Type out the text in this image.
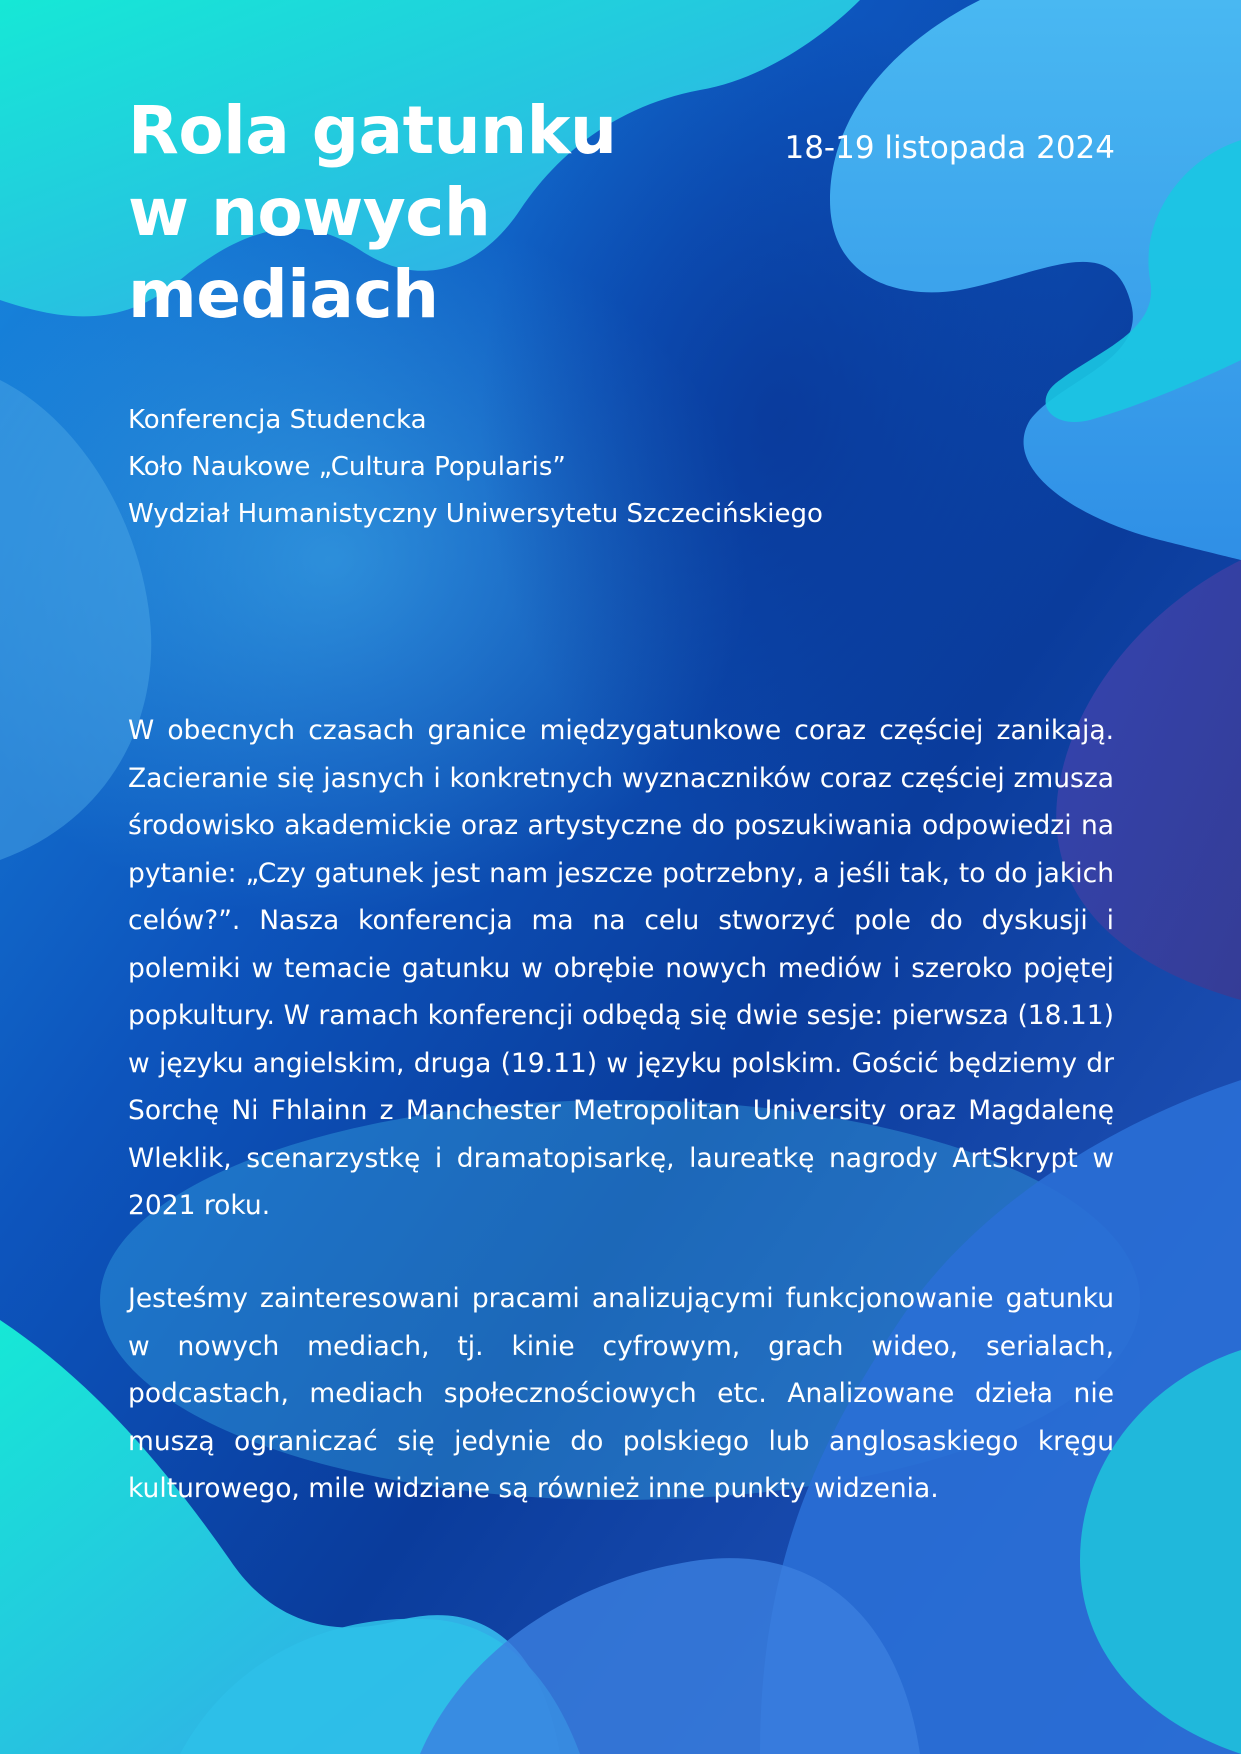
Rola gatunku
w nowych
mediach
18-19 listopada 2024
Konferencja Studencka
Koło Naukowe „Cultura Popularis”
Wydział Humanistyczny Uniwersytetu Szczecińskiego

W obecnych czasach granice międzygatunkowe coraz częściej zanikają. Zacieranie się jasnych i konkretnych wyznaczników coraz częściej zmusza środowisko akademickie oraz artystyczne do poszukiwania odpowiedzi na pytanie: „Czy gatunek jest nam jeszcze potrzebny, a jeśli tak, to do jakich celów?”. Nasza konferencja ma na celu stworzyć pole do dyskusji i polemiki w temacie gatunku w obrębie nowych mediów i szeroko pojętej popkultury. W ramach konferencji odbędą się dwie sesje: pierwsza (18.11) w języku angielskim, druga (19.11) w języku polskim. Gościć będziemy dr Sorchę Ni Fhlainn z Manchester Metropolitan University oraz Magdalenę Wleklik, scenarzystkę i dramatopisarkę, laureatkę nagrody ArtSkrypt w 2021 roku.

Jesteśmy zainteresowani pracami analizującymi funkcjonowanie gatunku w nowych mediach, tj. kinie cyfrowym, grach wideo, serialach, podcastach, mediach społecznościowych etc. Analizowane dzieła nie muszą ograniczać się jedynie do polskiego lub anglosaskiego kręgu kulturowego, mile widziane są również inne punkty widzenia.
